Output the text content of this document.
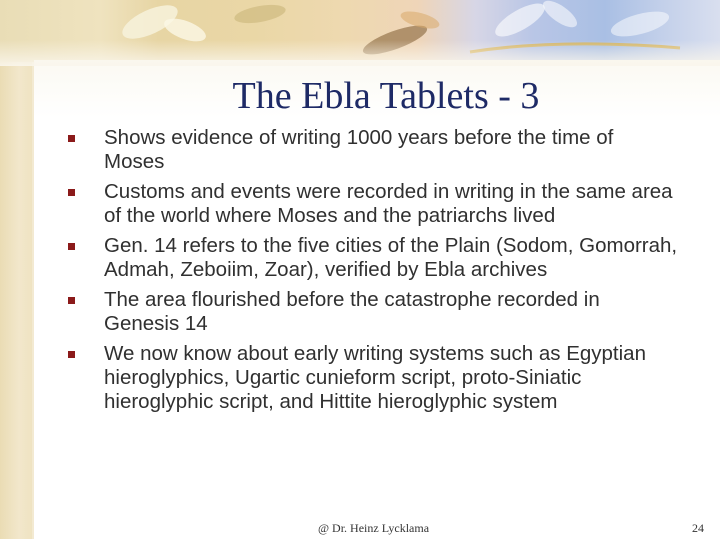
The Ebla Tablets - 3
Shows evidence of writing 1000 years before the time of Moses
Customs and events were recorded in writing in the same area of the world where Moses and the patriarchs lived
Gen. 14 refers to the five cities of the Plain (Sodom, Gomorrah, Admah, Zeboiim, Zoar), verified by Ebla archives
The area flourished before the catastrophe recorded in Genesis 14
We now know about early writing systems such as Egyptian hieroglyphics, Ugartic cunieform script, proto-Siniatic hieroglyphic script, and Hittite hieroglyphic system
@ Dr. Heinz Lycklama	24
